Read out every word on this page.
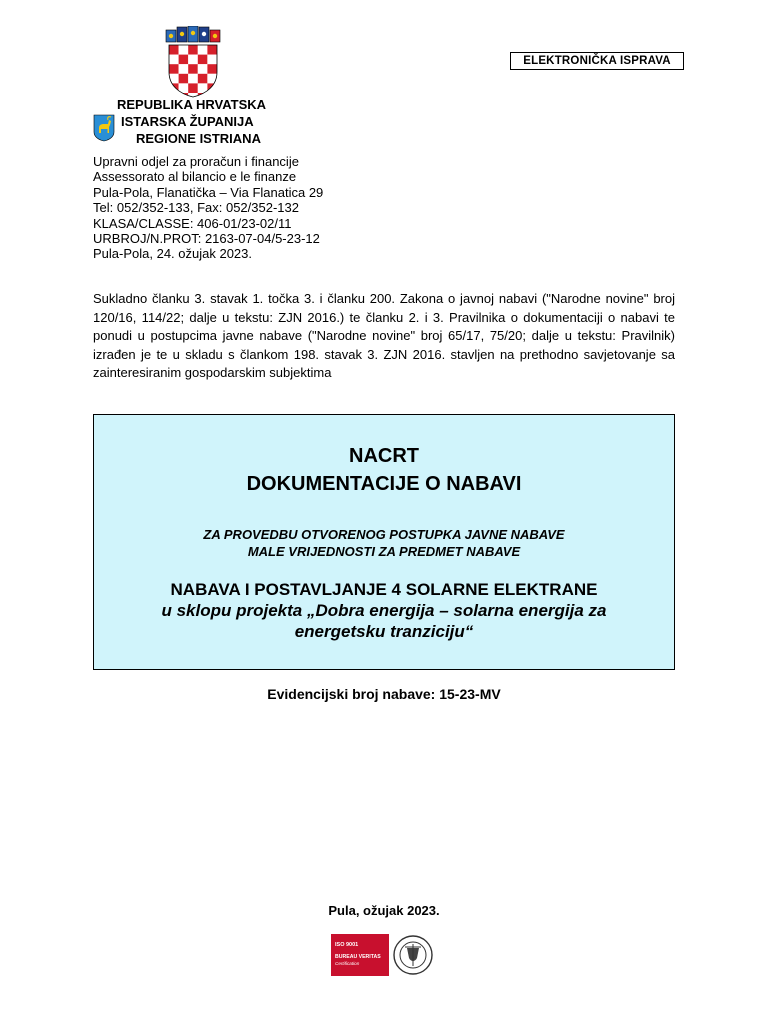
ELEKTRONIČKA ISPRAVA
REPUBLIKA HRVATSKA
ISTARSKA ŽUPANIJA
REGIONE ISTRIANA
Upravni odjel za proračun i financije
Assessorato al bilancio e le finanze
Pula-Pola, Flanatička – Via Flanatica 29
Tel: 052/352-133, Fax: 052/352-132
KLASA/CLASSE: 406-01/23-02/11
URBROJ/N.PROT: 2163-07-04/5-23-12
Pula-Pola, 24. ožujak 2023.
Sukladno članku 3. stavak 1. točka 3. i članku 200. Zakona o javnoj nabavi ("Narodne novine" broj 120/16, 114/22; dalje u tekstu: ZJN 2016.) te članku 2. i 3. Pravilnika o dokumentaciji o nabavi te ponudi u postupcima javne nabave ("Narodne novine" broj 65/17, 75/20; dalje u tekstu: Pravilnik) izrađen je te u skladu s člankom 198. stavak 3. ZJN 2016. stavljen na prethodno savjetovanje sa zainteresiranim gospodarskim subjektima
NACRT
DOKUMENTACIJE O NABAVI
ZA PROVEDBU OTVORENOG POSTUPKA JAVNE NABAVE
MALE VRIJEDNOSTI ZA PREDMET NABAVE
NABAVA I POSTAVLJANJE 4 SOLARNE ELEKTRANE
u sklopu projekta „Dobra energija – solarna energija za energetsku tranziciju“
Evidencijski broj nabave: 15-23-MV
Pula, ožujak 2023.
ISO 9001
BUREAU VERITAS
Certification
